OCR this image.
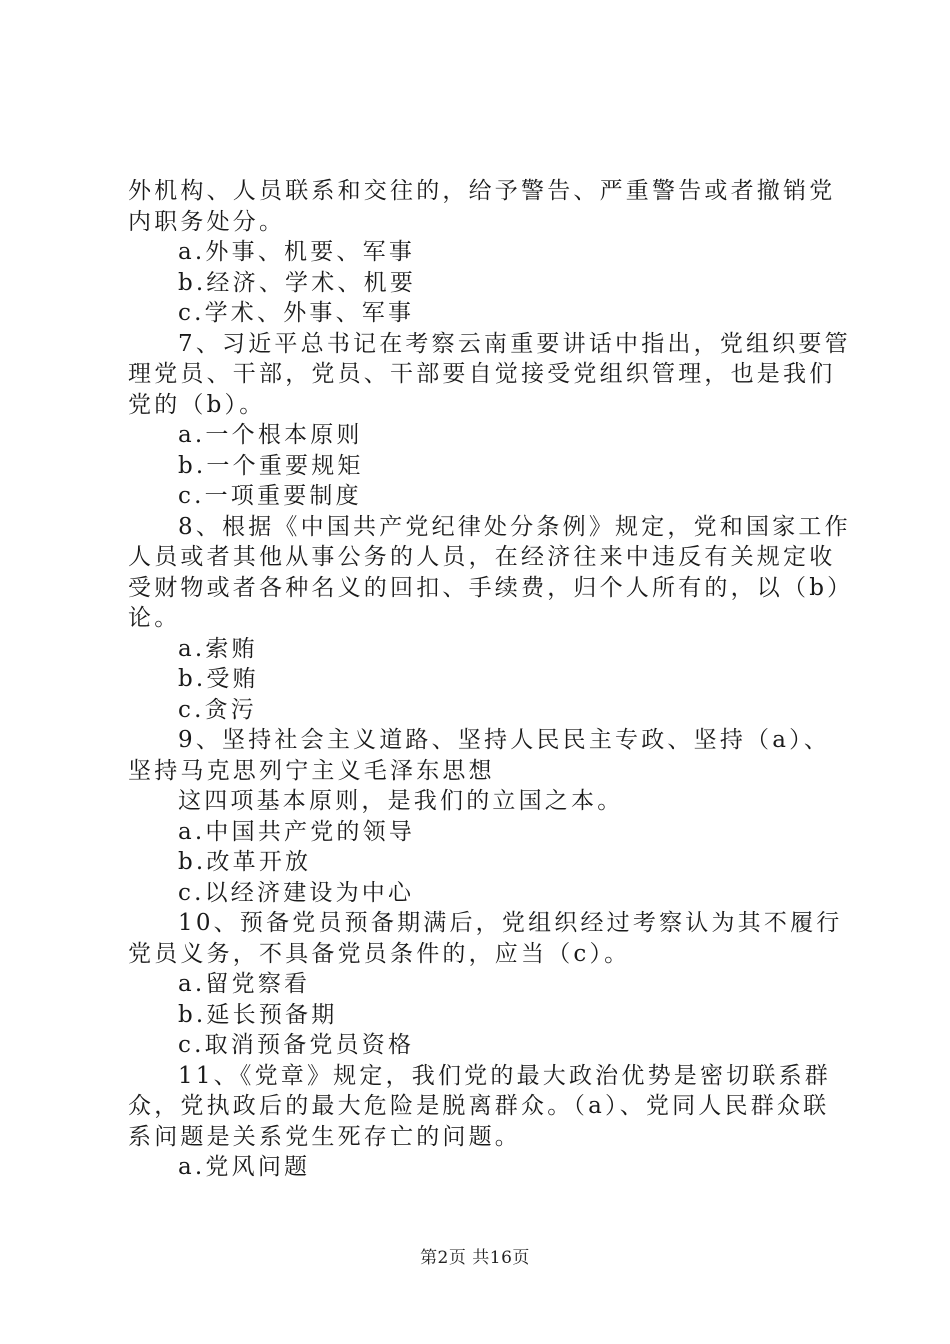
外机构、人员联系和交往的，给予警告、严重警告或者撤销党
内职务处分。
a.外事、机要、军事
b.经济、学术、机要
c.学术、外事、军事
7、习近平总书记在考察云南重要讲话中指出，党组织要管
理党员、干部，党员、干部要自觉接受党组织管理，也是我们
党的（b）。
a.一个根本原则
b.一个重要规矩
c.一项重要制度
8、根据《中国共产党纪律处分条例》规定，党和国家工作
人员或者其他从事公务的人员，在经济往来中违反有关规定收
受财物或者各种名义的回扣、手续费，归个人所有的，以（b）
论。
a.索贿
b.受贿
c.贪污
9、坚持社会主义道路、坚持人民民主专政、坚持（a）、
坚持马克思列宁主义毛泽东思想
这四项基本原则，是我们的立国之本。
a.中国共产党的领导
b.改革开放
c.以经济建设为中心
10、预备党员预备期满后，党组织经过考察认为其不履行
党员义务，不具备党员条件的，应当（c）。
a.留党察看
b.延长预备期
c.取消预备党员资格
11、《党章》规定，我们党的最大政治优势是密切联系群
众，党执政后的最大危险是脱离群众。（a）、党同人民群众联
系问题是关系党生死存亡的问题。
a.党风问题
第2页 共16页
